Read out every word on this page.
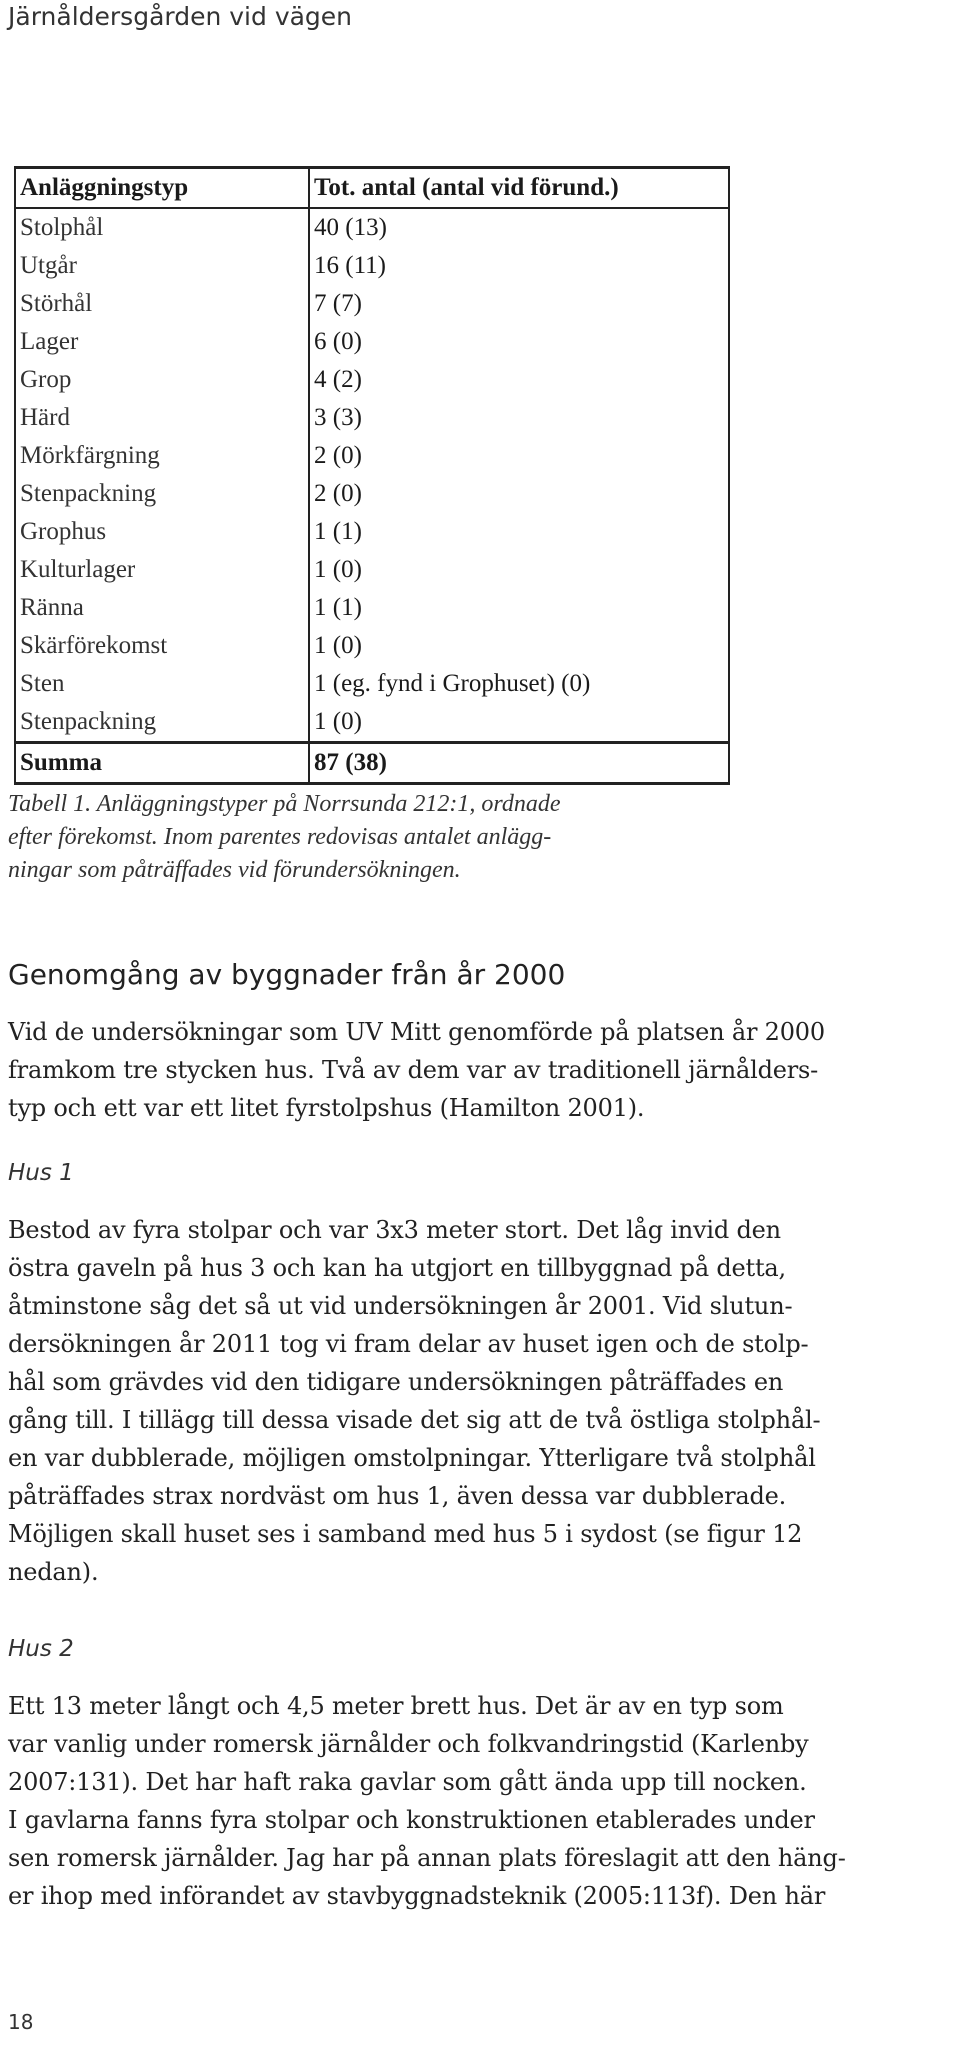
Järnåldersgården vid vägen
Anläggningstyp	Tot. antal (antal vid förund.)
Stolphål	40 (13)
Utgår	16 (11)
Störhål	7 (7)
Lager	6 (0)
Grop	4 (2)
Härd	3 (3)
Mörkfärgning	2 (0)
Stenpackning	2 (0)
Grophus	1 (1)
Kulturlager	1 (0)
Ränna	1 (1)
Skärförekomst	1 (0)
Sten	1 (eg. fynd i Grophuset) (0)
Stenpackning	1 (0)
Summa	87 (38)

Tabell 1. Anläggningstyper på Norrsunda 212:1, ordnade

efter förekomst. Inom parentes redovisas antalet anlägg-

ningar som påträffades vid förundersökningen.

Genomgång av byggnader från år 2000
Vid de undersökningar som UV Mitt genomförde på platsen år 2000
framkom tre stycken hus. Två av dem var av traditionell järnålders-
typ och ett var ett litet fyrstolpshus (Hamilton 2001).
Hus 1
Bestod av fyra stolpar och var 3x3 meter stort. Det låg invid den
östra gaveln på hus 3 och kan ha utgjort en tillbyggnad på detta,
åtminstone såg det så ut vid undersökningen år 2001. Vid slutun-
dersökningen år 2011 tog vi fram delar av huset igen och de stolp-
hål som grävdes vid den tidigare undersökningen påträffades en
gång till. I tillägg till dessa visade det sig att de två östliga stolphål-
en var dubblerade, möjligen omstolpningar. Ytterligare två stolphål
påträffades strax nordväst om hus 1, även dessa var dubblerade.
Möjligen skall huset ses i samband med hus 5 i sydost (se figur 12
nedan).
Hus 2
Ett 13 meter långt och 4,5 meter brett hus. Det är av en typ som
var vanlig under romersk järnålder och folkvandringstid (Karlenby
2007:131). Det har haft raka gavlar som gått ända upp till nocken.
I gavlarna fanns fyra stolpar och konstruktionen etablerades under
sen romersk järnålder. Jag har på annan plats föreslagit att den häng-
er ihop med införandet av stavbyggnadsteknik (2005:113f). Den här
18
